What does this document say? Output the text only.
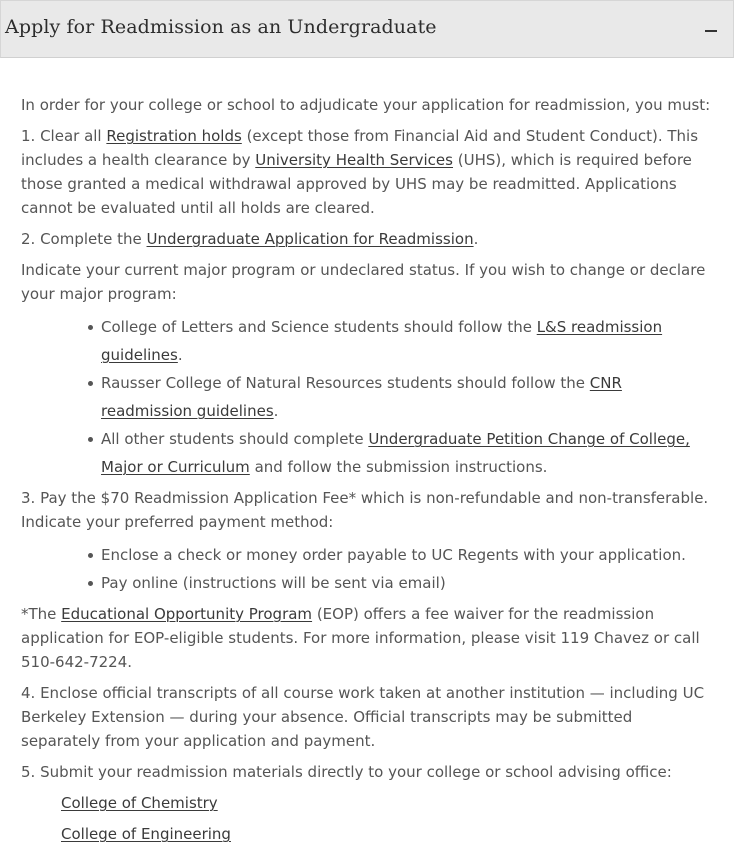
Apply for Readmission as an Undergraduate

In order for your college or school to adjudicate your application for readmission, you must:

1. Clear all Registration holds (except those from Financial Aid and Student Conduct). This includes a health clearance by University Health Services (UHS), which is required before those granted a medical withdrawal approved by UHS may be readmitted. Applications cannot be evaluated until all holds are cleared.

2. Complete the Undergraduate Application for Readmission.

Indicate your current major program or undeclared status. If you wish to change or declare your major program:

College of Letters and Science students should follow the L&S readmission guidelines.
Rausser College of Natural Resources students should follow the CNR readmission guidelines.
All other students should complete Undergraduate Petition Change of College, Major or Curriculum and follow the submission instructions.

3. Pay the $70 Readmission Application Fee* which is non-refundable and non-transferable. Indicate your preferred payment method:

Enclose a check or money order payable to UC Regents with your application.
Pay online (instructions will be sent via email)

*The Educational Opportunity Program (EOP) offers a fee waiver for the readmission application for EOP-eligible students. For more information, please visit 119 Chavez or call 510-642-7224.

4. Enclose official transcripts of all course work taken at another institution — including UC Berkeley Extension — during your absence. Official transcripts may be submitted separately from your application and payment.

5. Submit your readmission materials directly to your college or school advising office:

College of Chemistry

College of Engineering
